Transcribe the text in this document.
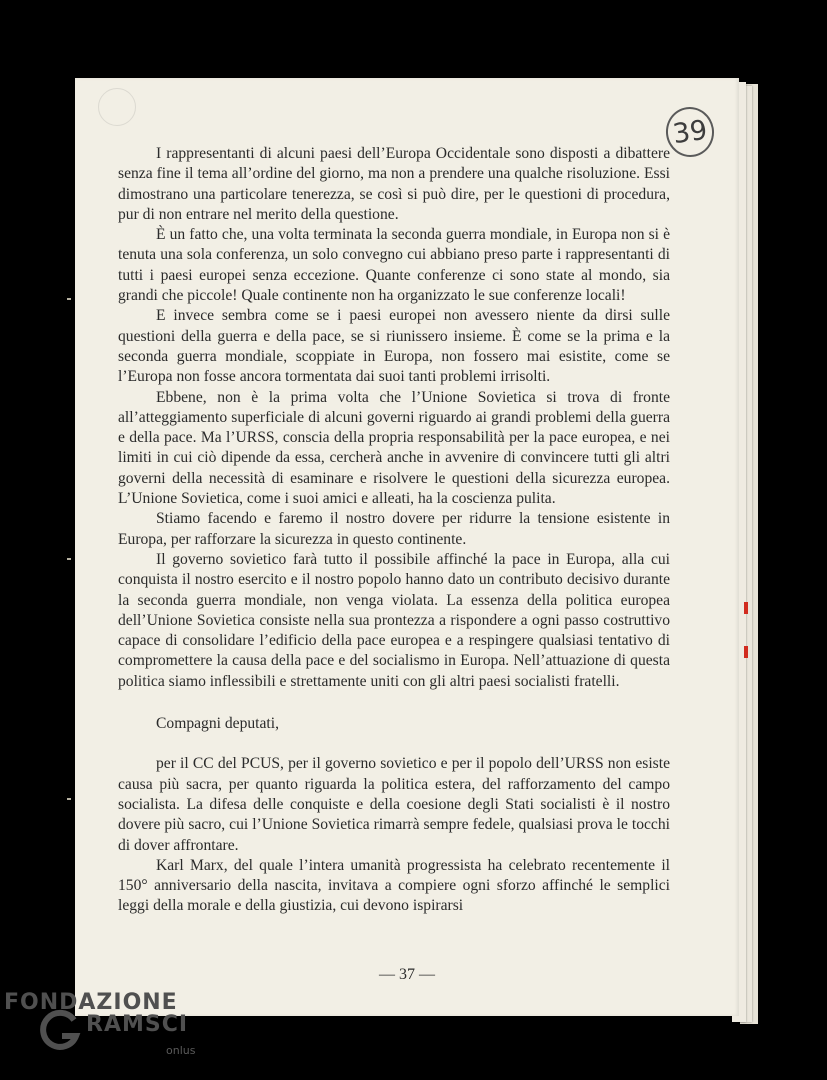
39

I rappresentanti di alcuni paesi dell’Europa Occidentale sono disposti a dibattere senza fine il tema all’ordine del giorno, ma non a prendere una qualche risoluzione. Essi dimostrano una particolare tenerezza, se così si può dire, per le questioni di procedura, pur di non entrare nel merito della questione.

È un fatto che, una volta terminata la seconda guerra mondiale, in Europa non si è tenuta una sola conferenza, un solo convegno cui abbiano preso parte i rappresentanti di tutti i paesi europei senza eccezione. Quante conferenze ci sono state al mondo, sia grandi che piccole! Quale continente non ha organizzato le sue conferenze locali!

E invece sembra come se i paesi europei non avessero niente da dirsi sulle questioni della guerra e della pace, se si riunissero insieme. È come se la prima e la seconda guerra mondiale, scoppiate in Europa, non fossero mai esistite, come se l’Europa non fosse ancora tormentata dai suoi tanti problemi irrisolti.

Ebbene, non è la prima volta che l’Unione Sovietica si trova di fronte all’atteggiamento superficiale di alcuni governi riguardo ai grandi problemi della guerra e della pace. Ma l’URSS, conscia della propria responsabilità per la pace europea, e nei limiti in cui ciò dipende da essa, cercherà anche in avvenire di convincere tutti gli altri governi della necessità di esaminare e risolvere le questioni della sicurezza europea. L’Unione Sovietica, come i suoi amici e alleati, ha la coscienza pulita.

Stiamo facendo e faremo il nostro dovere per ridurre la tensione esistente in Europa, per rafforzare la sicurezza in questo continente.

Il governo sovietico farà tutto il possibile affinché la pace in Europa, alla cui conquista il nostro esercito e il nostro popolo hanno dato un contributo decisivo durante la seconda guerra mondiale, non venga violata. La essenza della politica europea dell’Unione Sovietica consiste nella sua prontezza a rispondere a ogni passo costruttivo capace di consolidare l’edificio della pace europea e a respingere qualsiasi tentativo di compromettere la causa della pace e del socialismo in Europa. Nell’attuazione di questa politica siamo inflessibili e strettamente uniti con gli altri paesi socialisti fratelli.

Compagni deputati,

per il CC del PCUS, per il governo sovietico e per il popolo dell’URSS non esiste causa più sacra, per quanto riguarda la politica estera, del rafforzamento del campo socialista. La difesa delle conquiste e della coesione degli Stati socialisti è il nostro dovere più sacro, cui l’Unione Sovietica rimarrà sempre fedele, qualsiasi prova le tocchi di dover affrontare.

Karl Marx, del quale l’intera umanità progressista ha celebrato recentemente il 150° anniversario della nascita, invitava a compiere ogni sforzo affinché le semplici leggi della morale e della giustizia, cui devono ispirarsi

— 37 —
FONDAZIONE
RAMSCI
onlus
